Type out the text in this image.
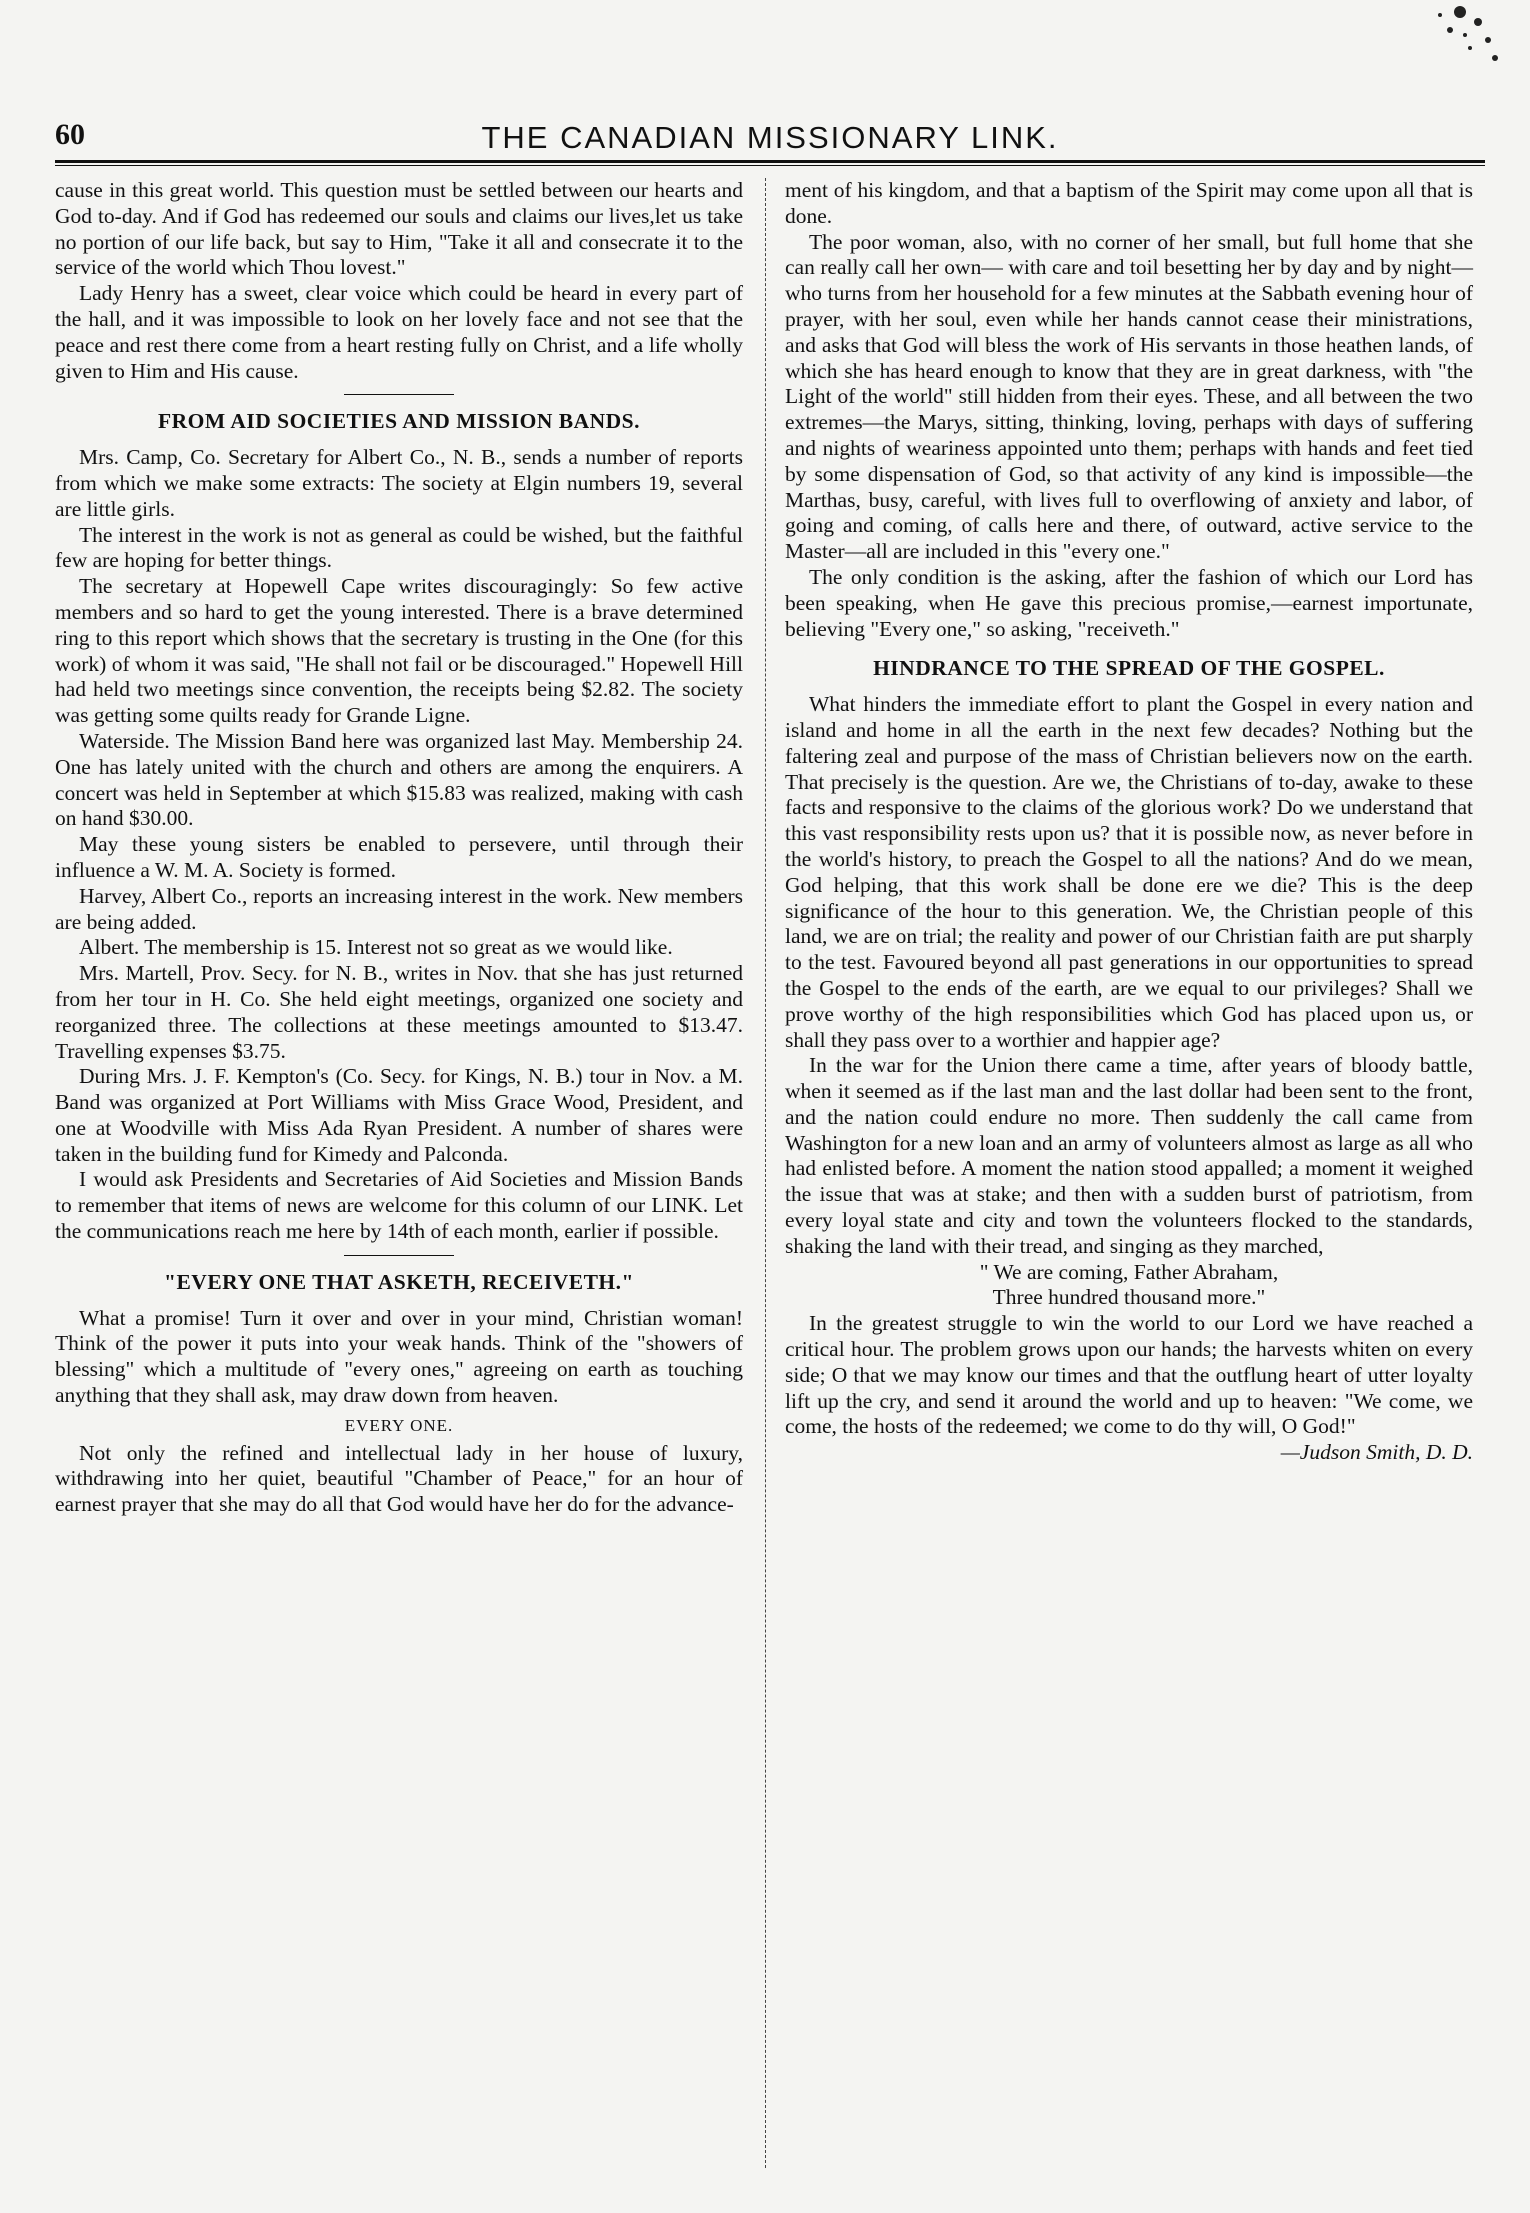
60	THE CANADIAN MISSIONARY LINK.

cause in this great world. This question must be settled between our hearts and God to-day. And if God has redeemed our souls and claims our lives,let us take no portion of our life back, but say to Him, "Take it all and consecrate it to the service of the world which Thou lovest."

Lady Henry has a sweet, clear voice which could be heard in every part of the hall, and it was impossible to look on her lovely face and not see that the peace and rest there come from a heart resting fully on Christ, and a life wholly given to Him and His cause.

FROM AID SOCIETIES AND MISSION BANDS.

Mrs. Camp, Co. Secretary for Albert Co., N. B., sends a number of reports from which we make some extracts: The society at Elgin numbers 19, several are little girls.

The interest in the work is not as general as could be wished, but the faithful few are hoping for better things.

The secretary at Hopewell Cape writes discouragingly: So few active members and so hard to get the young interested. There is a brave determined ring to this report which shows that the secretary is trusting in the One (for this work) of whom it was said, "He shall not fail or be discouraged." Hopewell Hill had held two meetings since convention, the receipts being $2.82. The society was getting some quilts ready for Grande Ligne.

Waterside. The Mission Band here was organized last May. Membership 24. One has lately united with the church and others are among the enquirers. A concert was held in September at which $15.83 was realized, making with cash on hand $30.00.

May these young sisters be enabled to persevere, until through their influence a W. M. A. Society is formed.

Harvey, Albert Co., reports an increasing interest in the work. New members are being added.

Albert. The membership is 15. Interest not so great as we would like.

Mrs. Martell, Prov. Secy. for N. B., writes in Nov. that she has just returned from her tour in H. Co. She held eight meetings, organized one society and reorganized three. The collections at these meetings amounted to $13.47. Travelling expenses $3.75.

During Mrs. J. F. Kempton's (Co. Secy. for Kings, N. B.) tour in Nov. a M. Band was organized at Port Williams with Miss Grace Wood, President, and one at Woodville with Miss Ada Ryan President. A number of shares were taken in the building fund for Kimedy and Palconda.

I would ask Presidents and Secretaries of Aid Societies and Mission Bands to remember that items of news are welcome for this column of our LINK. Let the communications reach me here by 14th of each month, earlier if possible.

"EVERY ONE THAT ASKETH, RECEIVETH."

What a promise! Turn it over and over in your mind, Christian woman! Think of the power it puts into your weak hands. Think of the "showers of blessing" which a multitude of "every ones," agreeing on earth as touching anything that they shall ask, may draw down from heaven.

EVERY ONE.

Not only the refined and intellectual lady in her house of luxury, withdrawing into her quiet, beautiful "Chamber of Peace," for an hour of earnest prayer that she may do all that God would have her do for the advance-

ment of his kingdom, and that a baptism of the Spirit may come upon all that is done.

The poor woman, also, with no corner of her small, but full home that she can really call her own— with care and toil besetting her by day and by night—who turns from her household for a few minutes at the Sabbath evening hour of prayer, with her soul, even while her hands cannot cease their ministrations, and asks that God will bless the work of His servants in those heathen lands, of which she has heard enough to know that they are in great darkness, with "the Light of the world" still hidden from their eyes. These, and all between the two extremes—the Marys, sitting, thinking, loving, perhaps with days of suffering and nights of weariness appointed unto them; perhaps with hands and feet tied by some dispensation of God, so that activity of any kind is impossible—the Marthas, busy, careful, with lives full to overflowing of anxiety and labor, of going and coming, of calls here and there, of outward, active service to the Master—all are included in this "every one."

The only condition is the asking, after the fashion of which our Lord has been speaking, when He gave this precious promise,—earnest importunate, believing "Every one," so asking, "receiveth."

HINDRANCE TO THE SPREAD OF THE GOSPEL.

What hinders the immediate effort to plant the Gospel in every nation and island and home in all the earth in the next few decades? Nothing but the faltering zeal and purpose of the mass of Christian believers now on the earth. That precisely is the question. Are we, the Christians of to-day, awake to these facts and responsive to the claims of the glorious work? Do we understand that this vast responsibility rests upon us? that it is possible now, as never before in the world's history, to preach the Gospel to all the nations? And do we mean, God helping, that this work shall be done ere we die? This is the deep significance of the hour to this generation. We, the Christian people of this land, we are on trial; the reality and power of our Christian faith are put sharply to the test. Favoured beyond all past generations in our opportunities to spread the Gospel to the ends of the earth, are we equal to our privileges? Shall we prove worthy of the high responsibilities which God has placed upon us, or shall they pass over to a worthier and happier age?

In the war for the Union there came a time, after years of bloody battle, when it seemed as if the last man and the last dollar had been sent to the front, and the nation could endure no more. Then suddenly the call came from Washington for a new loan and an army of volunteers almost as large as all who had enlisted before. A moment the nation stood appalled; a moment it weighed the issue that was at stake; and then with a sudden burst of patriotism, from every loyal state and city and town the volunteers flocked to the standards, shaking the land with their tread, and singing as they marched,

" We are coming, Father Abraham,

Three hundred thousand more."

In the greatest struggle to win the world to our Lord we have reached a critical hour. The problem grows upon our hands; the harvests whiten on every side; O that we may know our times and that the outflung heart of utter loyalty lift up the cry, and send it around the world and up to heaven: "We come, we come, the hosts of the redeemed; we come to do thy will, O God!"

—Judson Smith, D. D.
